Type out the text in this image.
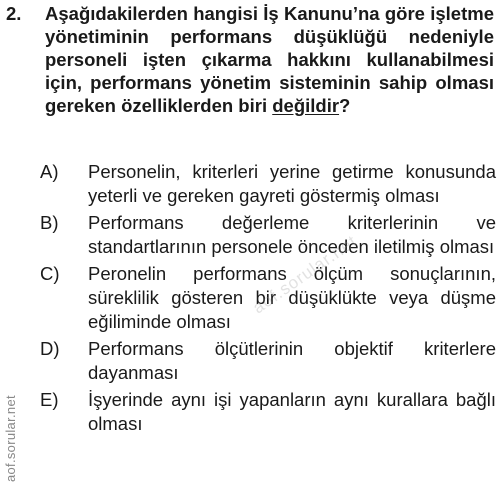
2. Aşağıdakilerden hangisi İş Kanunu’na göre işletme yönetiminin performans düşüklüğü nedeniyle personeli işten çıkarma hakkını kullanabilmesi için, performans yönetim sisteminin sahip olması gereken özelliklerden biri değildir?
A) Personelin, kriterleri yerine getirme konusunda yeterli ve gereken gayreti göstermiş olması
B) Performans değerleme kriterlerinin ve standartlarının personele önceden iletilmiş olması
C) Peronelin performans ölçüm sonuçlarının, süreklilik gösteren bir düşüklükte veya düşme eğiliminde olması
D) Performans ölçütlerinin objektif kriterlere dayanması
E) İşyerinde aynı işi yapanların aynı kurallara bağlı olması
aof.sorular.net
aof.sorular.net
